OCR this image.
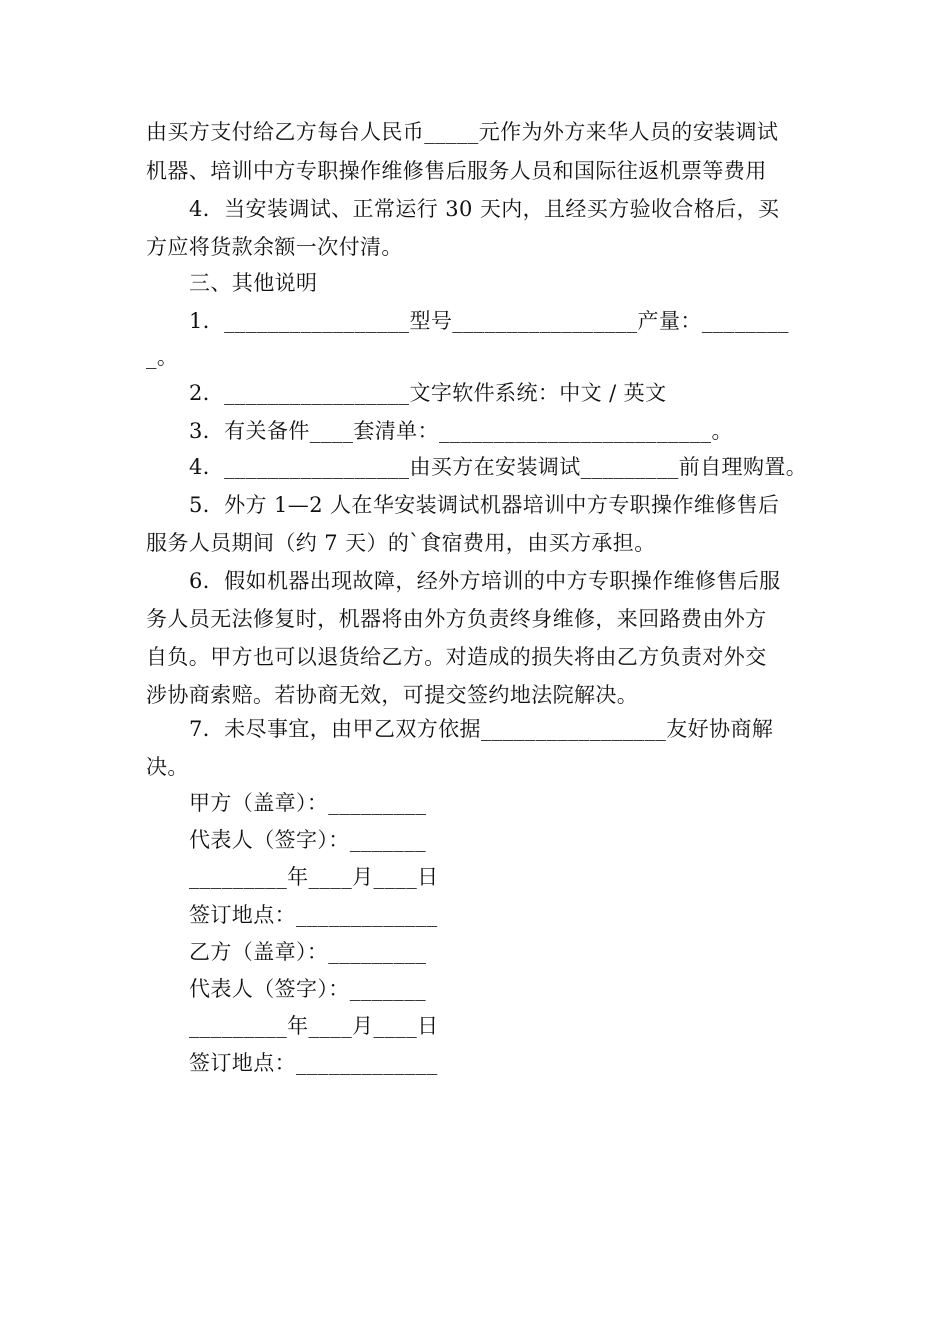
由买方支付给乙方每台人民币_____元作为外方来华人员的安装调试
机器、培训中方专职操作维修售后服务人员和国际往返机票等费用
4．当安装调试、正常运行 30 天内，且经买方验收合格后，买
方应将货款余额一次付清。
三、其他说明
1．_________________型号_________________产量：________
_。
2．_________________文字软件系统：中文 / 英文
3．有关备件____套清单：_________________________。
4．_________________由买方在安装调试_________前自理购置。
5．外方 1—2 人在华安装调试机器培训中方专职操作维修售后
服务人员期间（约 7 天）的`食宿费用，由买方承担。
6．假如机器出现故障，经外方培训的中方专职操作维修售后服
务人员无法修复时，机器将由外方负责终身维修，来回路费由外方
自负。甲方也可以退货给乙方。对造成的损失将由乙方负责对外交
涉协商索赔。若协商无效，可提交签约地法院解决。
7．未尽事宜，由甲乙双方依据_________________友好协商解
决。
甲方（盖章）：_________
代表人（签字）：_______
_________年____月____日
签订地点：_____________
乙方（盖章）：_________
代表人（签字）：_______
_________年____月____日
签订地点：_____________
